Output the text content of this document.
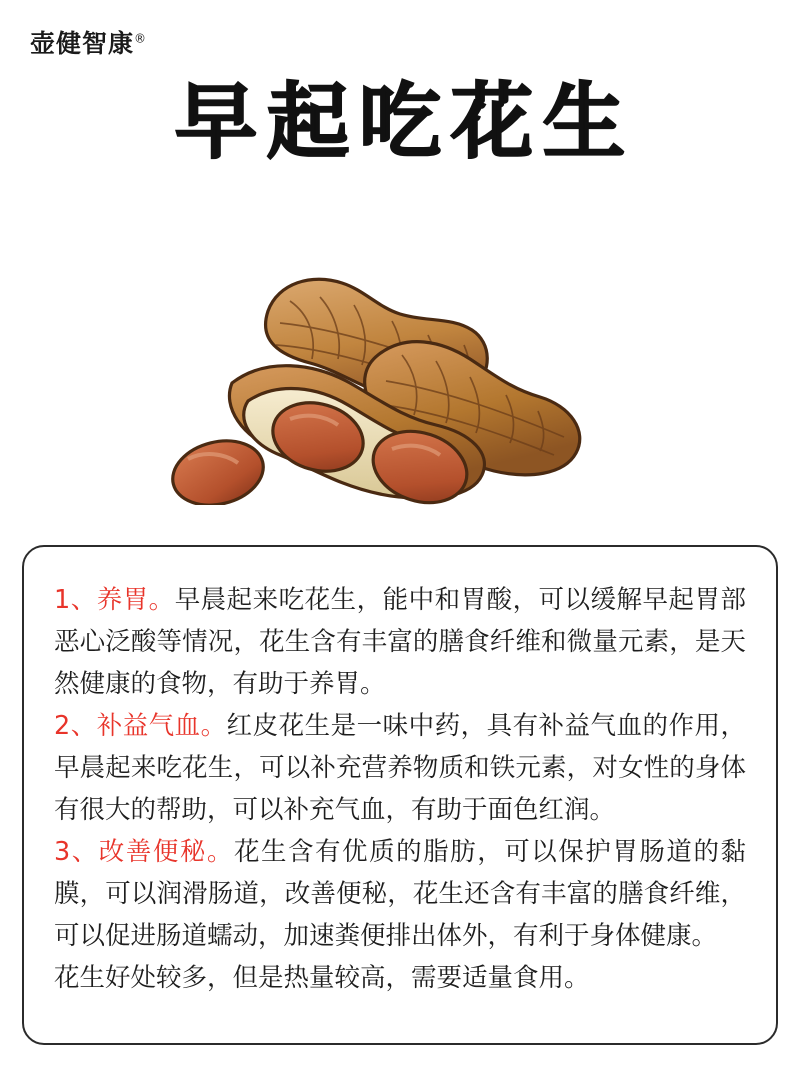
壶健智康®
早起吃花生

1、养胃。早晨起来吃花生，能中和胃酸，可以缓解早起胃部恶心泛酸等情况，花生含有丰富的膳食纤维和微量元素，是天然健康的食物，有助于养胃。

2、补益气血。红皮花生是一味中药，具有补益气血的作用，早晨起来吃花生，可以补充营养物质和铁元素，对女性的身体有很大的帮助，可以补充气血，有助于面色红润。

3、改善便秘。花生含有优质的脂肪，可以保护胃肠道的黏膜，可以润滑肠道，改善便秘，花生还含有丰富的膳食纤维，可以促进肠道蠕动，加速粪便排出体外，有利于身体健康。

花生好处较多，但是热量较高，需要适量食用。
